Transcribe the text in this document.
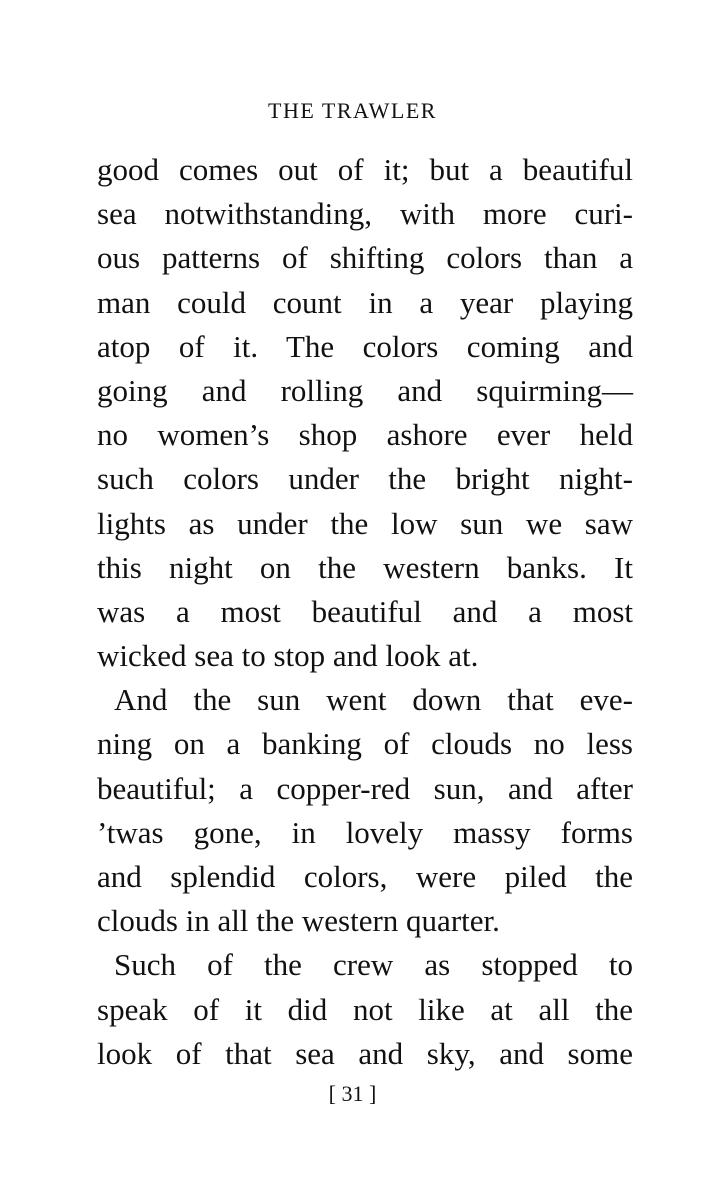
THE TRAWLER
good comes out of it; but a beautiful
sea notwithstanding, with more curi-
ous patterns of shifting colors than a
man could count in a year playing
atop of it. The colors coming and
going and rolling and squirming—
no women’s shop ashore ever held
such colors under the bright night-
lights as under the low sun we saw
this night on the western banks. It
was a most beautiful and a most
wicked sea to stop and look at.
And the sun went down that eve-
ning on a banking of clouds no less
beautiful; a copper-red sun, and after
’twas gone, in lovely massy forms
and splendid colors, were piled the
clouds in all the western quarter.
Such of the crew as stopped to
speak of it did not like at all the
look of that sea and sky, and some
[ 31 ]
